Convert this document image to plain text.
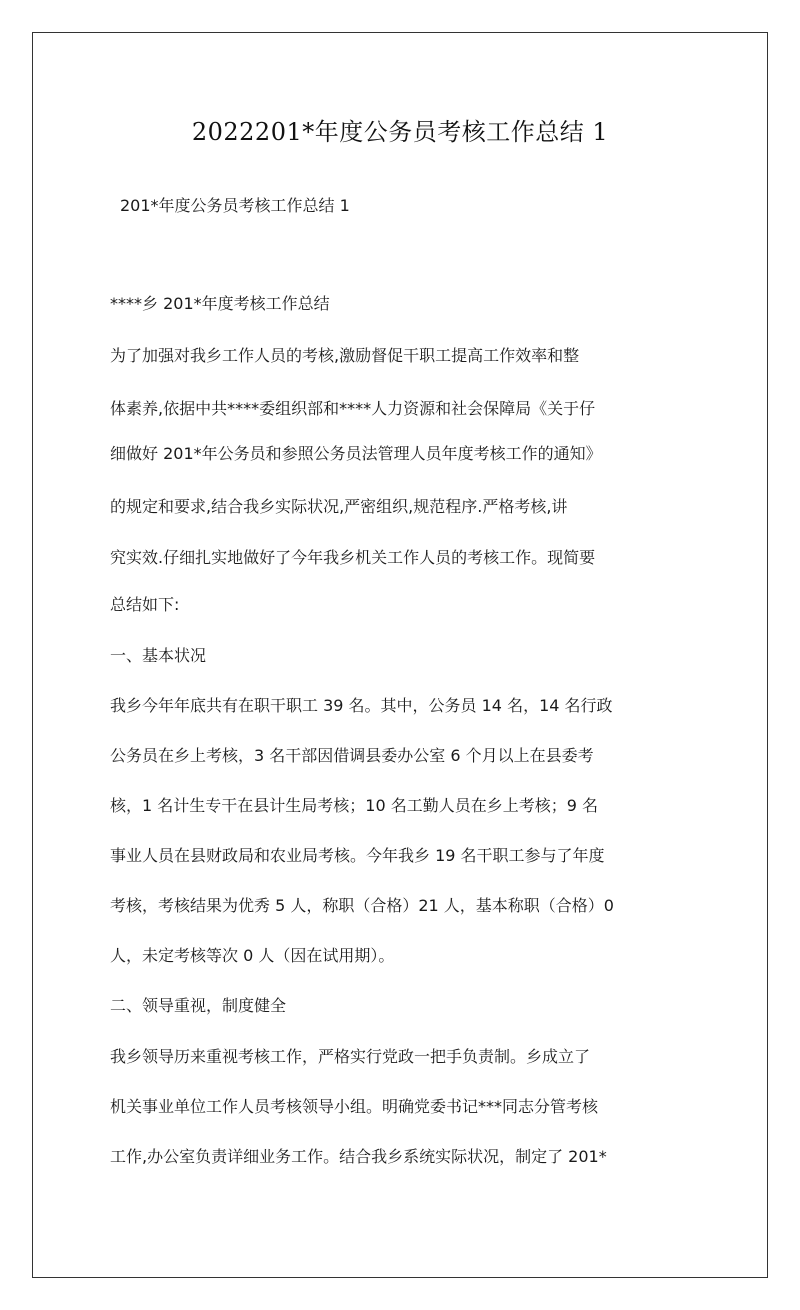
2022201*年度公务员考核工作总结 1
201*年度公务员考核工作总结 1
****乡 201*年度考核工作总结
为了加强对我乡工作人员的考核,激励督促干职工提高工作效率和整
体素养,依据中共****委组织部和****人力资源和社会保障局《关于仔
细做好 201*年公务员和参照公务员法管理人员年度考核工作的通知》
的规定和要求,结合我乡实际状况,严密组织,规范程序.严格考核,讲
究实效.仔细扎实地做好了今年我乡机关工作人员的考核工作。现简要
总结如下:
一、基本状况
我乡今年年底共有在职干职工 39 名。其中，公务员 14 名，14 名行政
公务员在乡上考核，3 名干部因借调县委办公室 6 个月以上在县委考
核，1 名计生专干在县计生局考核；10 名工勤人员在乡上考核；9 名
事业人员在县财政局和农业局考核。今年我乡 19 名干职工参与了年度
考核，考核结果为优秀 5 人，称职（合格）21 人，基本称职（合格）0
人，未定考核等次 0 人（因在试用期）。
二、领导重视，制度健全
我乡领导历来重视考核工作，严格实行党政一把手负责制。乡成立了
机关事业单位工作人员考核领导小组。明确党委书记***同志分管考核
工作,办公室负责详细业务工作。结合我乡系统实际状况，制定了 201*
